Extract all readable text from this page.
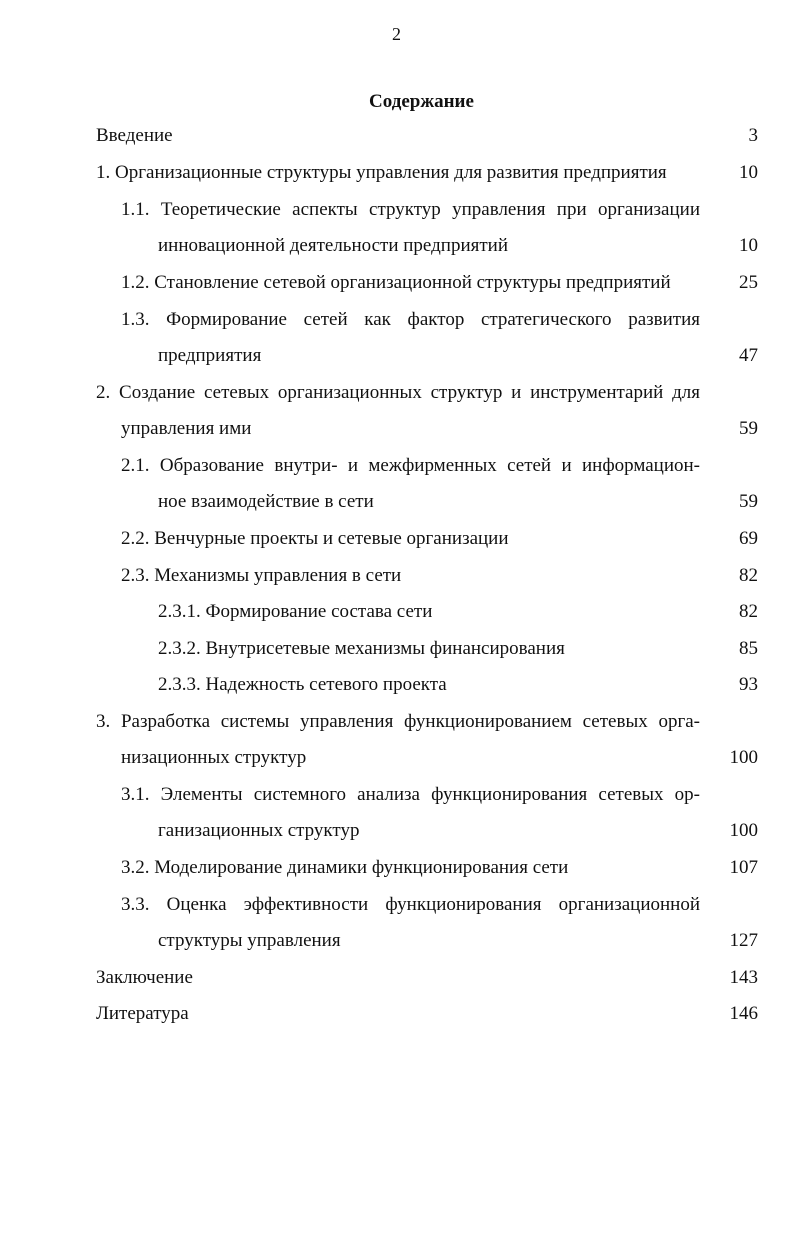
2
Содержание
Введение	3
1. Организационные структуры управления для развития предприятия	10
1.1. Теоретические аспекты структур управления при организации
инновационной деятельности предприятий	10
1.2. Становление сетевой организационной структуры предприятий	25
1.3. Формирование сетей как фактор стратегического развития
предприятия	47
2. Создание сетевых организационных структур и инструментарий для
управления ими	59
2.1. Образование внутри- и межфирменных сетей и информацион-
ное взаимодействие в сети	59
2.2. Венчурные проекты и сетевые организации	69
2.3. Механизмы управления в сети	82
2.3.1. Формирование состава сети	82
2.3.2. Внутрисетевые механизмы финансирования	85
2.3.3. Надежность сетевого проекта	93
3. Разработка системы управления функционированием сетевых орга-
низационных структур	100
3.1. Элементы системного анализа функционирования сетевых ор-
ганизационных структур	100
3.2. Моделирование динамики функционирования сети	107
3.3. Оценка эффективности функционирования организационной
структуры управления	127
Заключение	143
Литература	146
